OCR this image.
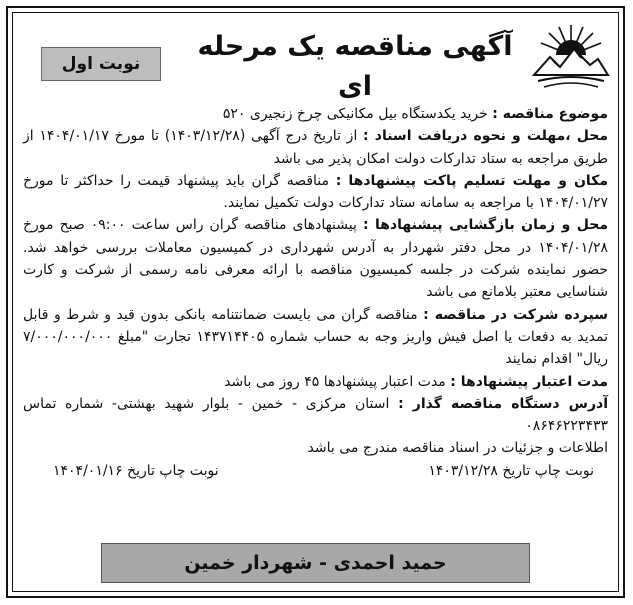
آگهی مناقصه یک مرحله ای
نوبت اول

موضوع مناقصه : خرید یکدستگاه بیل مکانیکی چرخ زنجیری ۵۲۰

محل ،مهلت و نحوه دریافت اسناد : از تاریخ درج آگهی (۱۴۰۳/۱۲/۲۸) تا مورخ ۱۴۰۴/۰۱/۱۷ از طریق مراجعه به ستاد تدارکات دولت امکان پذیر می باشد

مکان و مهلت تسلیم پاکت پیشنهادها : مناقصه گران باید پیشنهاد قیمت را حداکثر تا مورخ ۱۴۰۴/۰۱/۲۷ با مراجعه به سامانه ستاد تدارکات دولت تکمیل نمایند.

محل و زمان بازگشایی پیشنهادها : پیشنهادهای مناقصه گران راس ساعت ۰۹:۰۰ صبح مورخ ۱۴۰۴/۰۱/۲۸ در محل دفتر شهردار به آدرس شهرداری در کمیسیون معاملات بررسی خواهد شد. حضور نماینده شرکت در جلسه کمیسیون مناقصه با ارائه معرفی نامه رسمی از شرکت و کارت شناسایی معتبر بلامانع می باشد

سپرده شرکت در مناقصه : مناقصه گران می بایست ضمانتنامه بانکی بدون قید و شرط و قابل تمدید به دفعات یا اصل فیش واریز وجه به حساب شماره ۱۴۳۷۱۴۴۰۵ تجارت "مبلغ ۷/۰۰۰/۰۰۰/۰۰۰ ریال" اقدام نمایند

مدت اعتبار پیشنهادها : مدت اعتبار پیشنهادها ۴۵ روز می باشد

آدرس دستگاه مناقصه گذار : استان مرکزی - خمین - بلوار شهید بهشتی- شماره تماس ۰۸۶۴۶۲۲۳۴۳۳

اطلاعات و جزئیات در اسناد مناقصه مندرج می باشد

نوبت چاپ تاریخ ۱۴۰۳/۱۲/۲۸
نوبت چاپ تاریخ ۱۴۰۴/۰۱/۱۶
حمید احمدی - شهردار خمین
